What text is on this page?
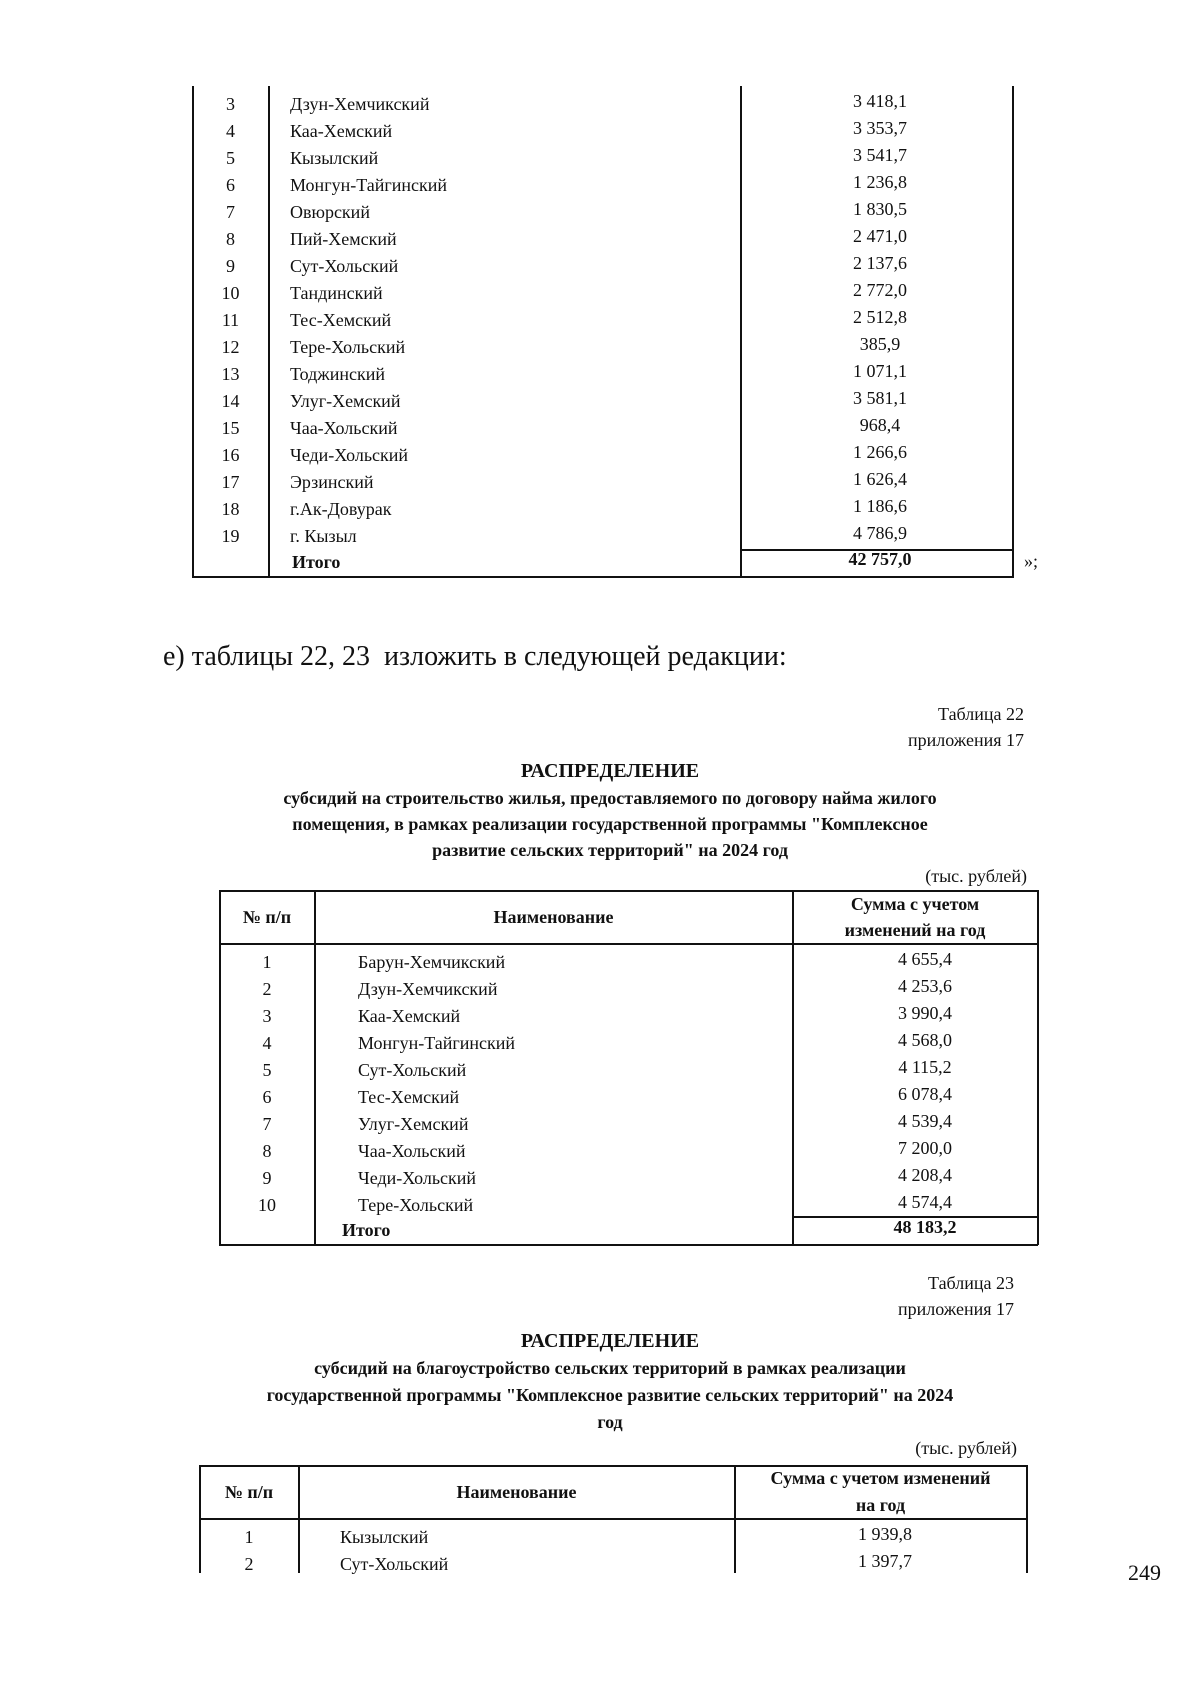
3	Дзун-Хемчикский	3 418,1
4	Каа-Хемский	3 353,7
5	Кызылский	3 541,7
6	Монгун-Тайгинский	1 236,8
7	Овюрский	1 830,5
8	Пий-Хемский	2 471,0
9	Сут-Хольский	2 137,6
10	Тандинский	2 772,0
11	Тес-Хемский	2 512,8
12	Тере-Хольский	385,9
13	Тоджинский	1 071,1
14	Улуг-Хемский	3 581,1
15	Чаа-Хольский	968,4
16	Чеди-Хольский	1 266,6
17	Эрзинский	1 626,4
18	г.Ак-Довурак	1 186,6
19	г. Кызыл	4 786,9
Итого	42 757,0	»;
е) таблицы 22, 23  изложить в следующей редакции:
Таблица 22
приложения 17
РАСПРЕДЕЛЕНИЕ
субсидий на строительство жилья, предоставляемого по договору найма жилого
помещения, в рамках реализации государственной программы "Комплексное
развитие сельских территорий" на 2024 год
(тыс. рублей)
№ п/п	Наименование
Сумма с учетом
изменений на год
1	Барун-Хемчикский	4 655,4
2	Дзун-Хемчикский	4 253,6
3	Каа-Хемский	3 990,4
4	Монгун-Тайгинский	4 568,0
5	Сут-Хольский	4 115,2
6	Тес-Хемский	6 078,4
7	Улуг-Хемский	4 539,4
8	Чаа-Хольский	7 200,0
9	Чеди-Хольский	4 208,4
10	Тере-Хольский	4 574,4
Итого	48 183,2
Таблица 23
приложения 17
РАСПРЕДЕЛЕНИЕ
субсидий на благоустройство сельских территорий в рамках реализации
государственной программы "Комплексное развитие сельских территорий" на 2024
год
(тыс. рублей)
№ п/п	Наименование
Сумма с учетом изменений
на год
1	Кызылский	1 939,8
2	Сут-Хольский	1 397,7	249
